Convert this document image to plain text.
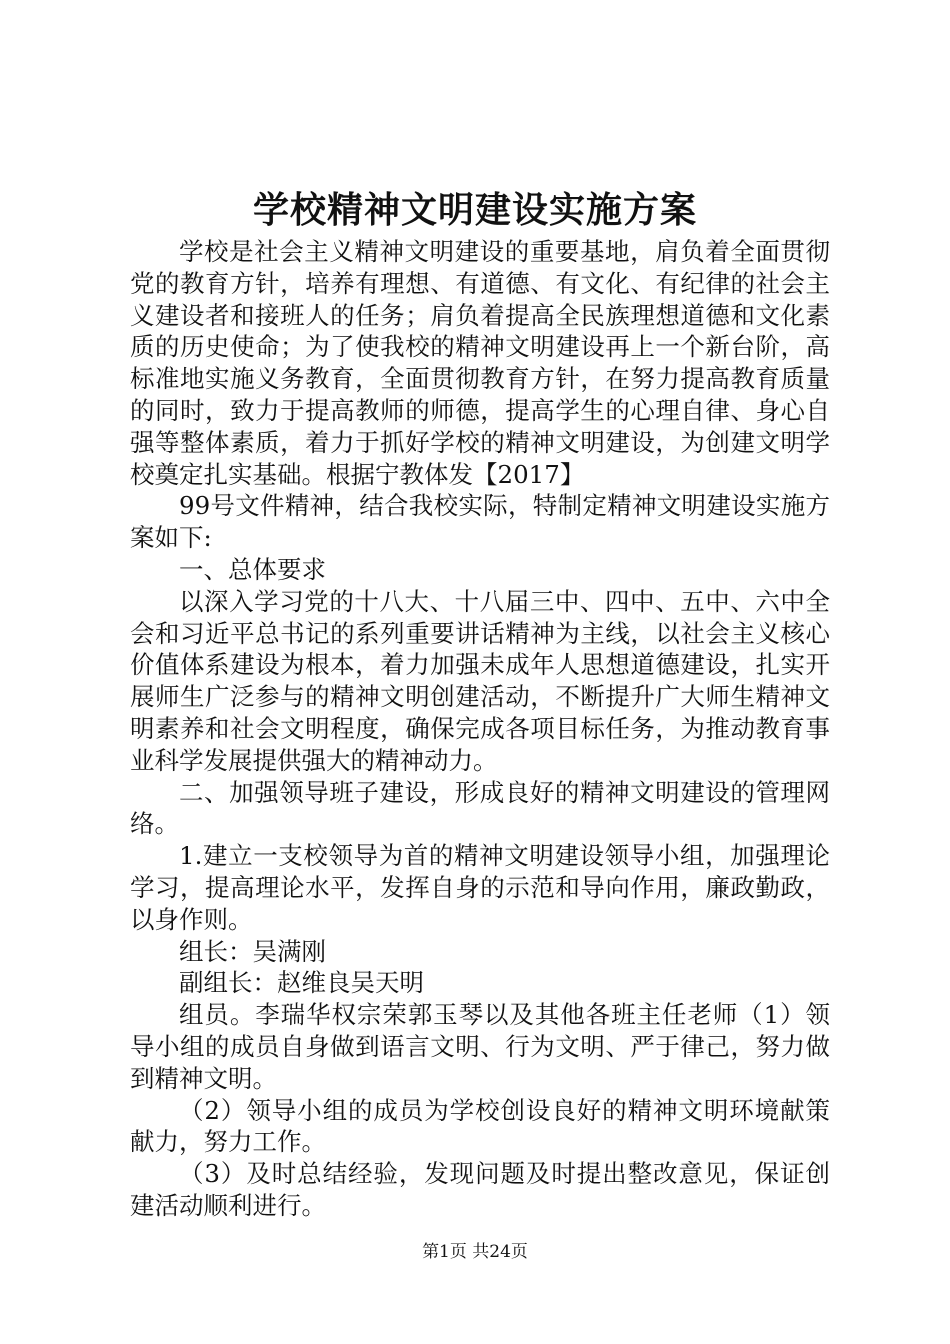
学校精神文明建设实施方案

学校是社会主义精神文明建设的重要基地，肩负着全面贯彻党的教育方针，培养有理想、有道德、有文化、有纪律的社会主义建设者和接班人的任务；肩负着提高全民族理想道德和文化素质的历史使命；为了使我校的精神文明建设再上一个新台阶，高标准地实施义务教育，全面贯彻教育方针，在努力提高教育质量的同时，致力于提高教师的师德，提高学生的心理自律、身心自强等整体素质，着力于抓好学校的精神文明建设，为创建文明学校奠定扎实基础。根据宁教体发【2017】

99号文件精神，结合我校实际，特制定精神文明建设实施方案如下:

一、总体要求

以深入学习党的十八大、十八届三中、四中、五中、六中全会和习近平总书记的系列重要讲话精神为主线，以社会主义核心价值体系建设为根本，着力加强未成年人思想道德建设，扎实开展师生广泛参与的精神文明创建活动，不断提升广大师生精神文明素养和社会文明程度，确保完成各项目标任务，为推动教育事业科学发展提供强大的精神动力。

二、加强领导班子建设，形成良好的精神文明建设的管理网络。

1.建立一支校领导为首的精神文明建设领导小组，加强理论学习，提高理论水平，发挥自身的示范和导向作用，廉政勤政，以身作则。

组长：吴满刚

副组长：赵维良吴天明

组员。李瑞华权宗荣郭玉琴以及其他各班主任老师（1）领导小组的成员自身做到语言文明、行为文明、严于律己，努力做到精神文明。

（2）领导小组的成员为学校创设良好的精神文明环境献策献力，努力工作。

（3）及时总结经验，发现问题及时提出整改意见，保证创建活动顺利进行。

第1页 共24页
